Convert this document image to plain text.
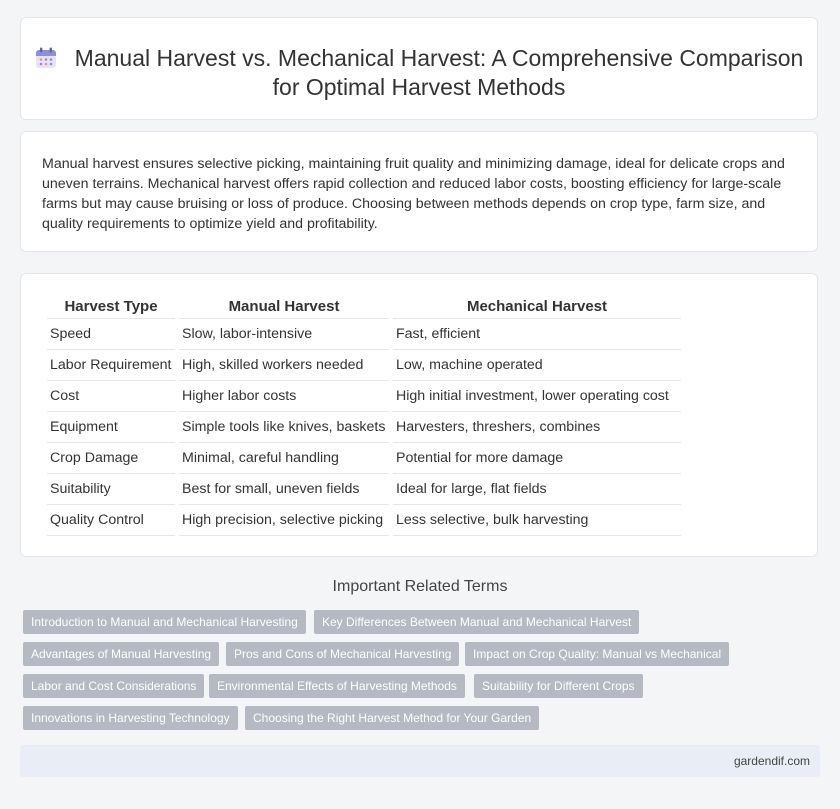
Manual Harvest vs. Mechanical Harvest: A Comprehensive Comparison for Optimal Harvest Methods

Manual harvest ensures selective picking, maintaining fruit quality and minimizing damage, ideal for delicate crops and uneven terrains. Mechanical harvest offers rapid collection and reduced labor costs, boosting efficiency for large-scale farms but may cause bruising or loss of produce. Choosing between methods depends on crop type, farm size, and quality requirements to optimize yield and profitability.

Harvest Type	Manual Harvest	Mechanical Harvest
Speed	Slow, labor-intensive	Fast, efficient
Labor Requirement	High, skilled workers needed	Low, machine operated
Cost	Higher labor costs	High initial investment, lower operating cost
Equipment	Simple tools like knives, baskets	Harvesters, threshers, combines
Crop Damage	Minimal, careful handling	Potential for more damage
Suitability	Best for small, uneven fields	Ideal for large, flat fields
Quality Control	High precision, selective picking	Less selective, bulk harvesting
Important Related Terms
Introduction to Manual and Mechanical Harvesting	Key Differences Between Manual and Mechanical Harvest
Advantages of Manual Harvesting	Pros and Cons of Mechanical Harvesting	Impact on Crop Quality: Manual vs Mechanical
Labor and Cost Considerations	Environmental Effects of Harvesting Methods	Suitability for Different Crops
Innovations in Harvesting Technology	Choosing the Right Harvest Method for Your Garden
gardendif.com
